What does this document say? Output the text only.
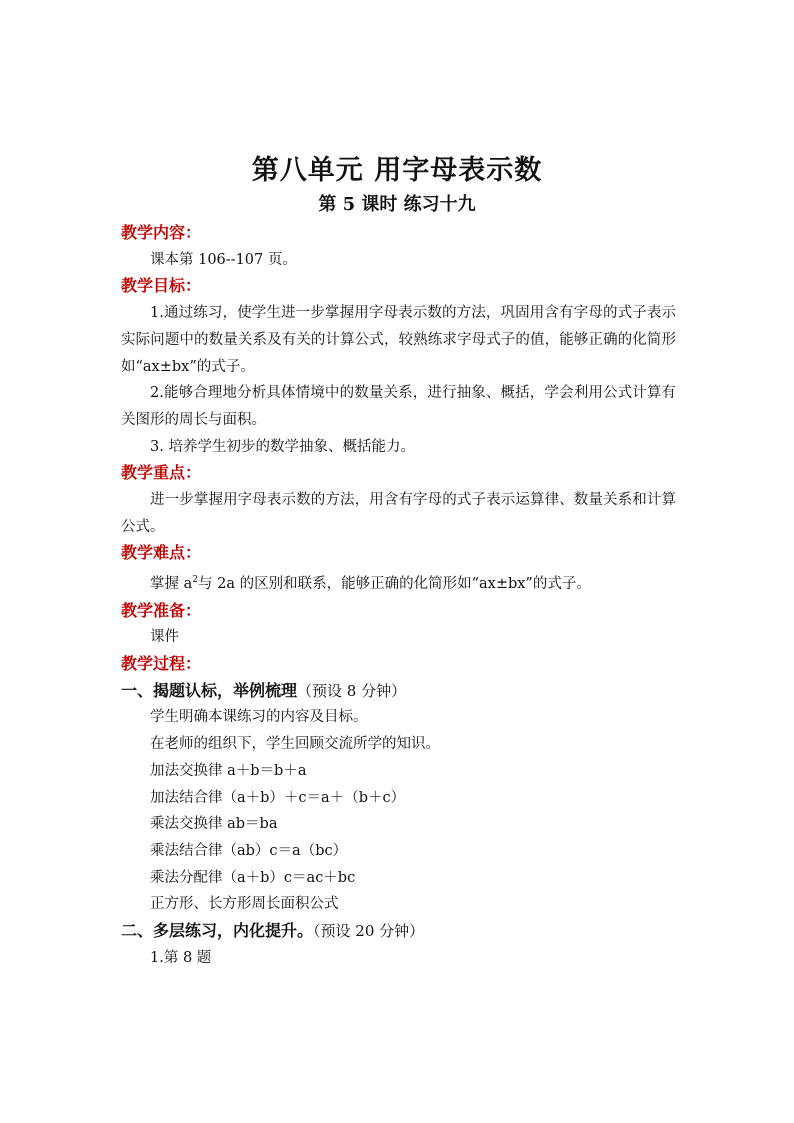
第八单元 用字母表示数
第 5 课时 练习十九
教学内容：
课本第 106--107 页。
教学目标：
1.通过练习，使学生进一步掌握用字母表示数的方法，巩固用含有字母的式子表示实际问题中的数量关系及有关的计算公式，较熟练求字母式子的值，能够正确的化简形如“ax±bx”的式子。
2.能够合理地分析具体情境中的数量关系，进行抽象、概括，学会利用公式计算有关图形的周长与面积。
3. 培养学生初步的数学抽象、概括能力。
教学重点：
进一步掌握用字母表示数的方法，用含有字母的式子表示运算律、数量关系和计算公式。
教学难点：
掌握 $a^2$与 2a 的区别和联系，能够正确的化简形如“ax±bx”的式子。
教学准备：
课件
教学过程：
一、揭题认标，举例梳理（预设 8 分钟）
学生明确本课练习的内容及目标。
在老师的组织下，学生回顾交流所学的知识。
加法交换律 a＋b＝b＋a
加法结合律（a＋b）＋c＝a＋（b＋c）
乘法交换律 ab＝ba
乘法结合律（ab）c＝a（bc）
乘法分配律（a＋b）c＝ac＋bc
正方形、长方形周长面积公式
二、多层练习，内化提升。（预设 20 分钟）
1.第 8 题
